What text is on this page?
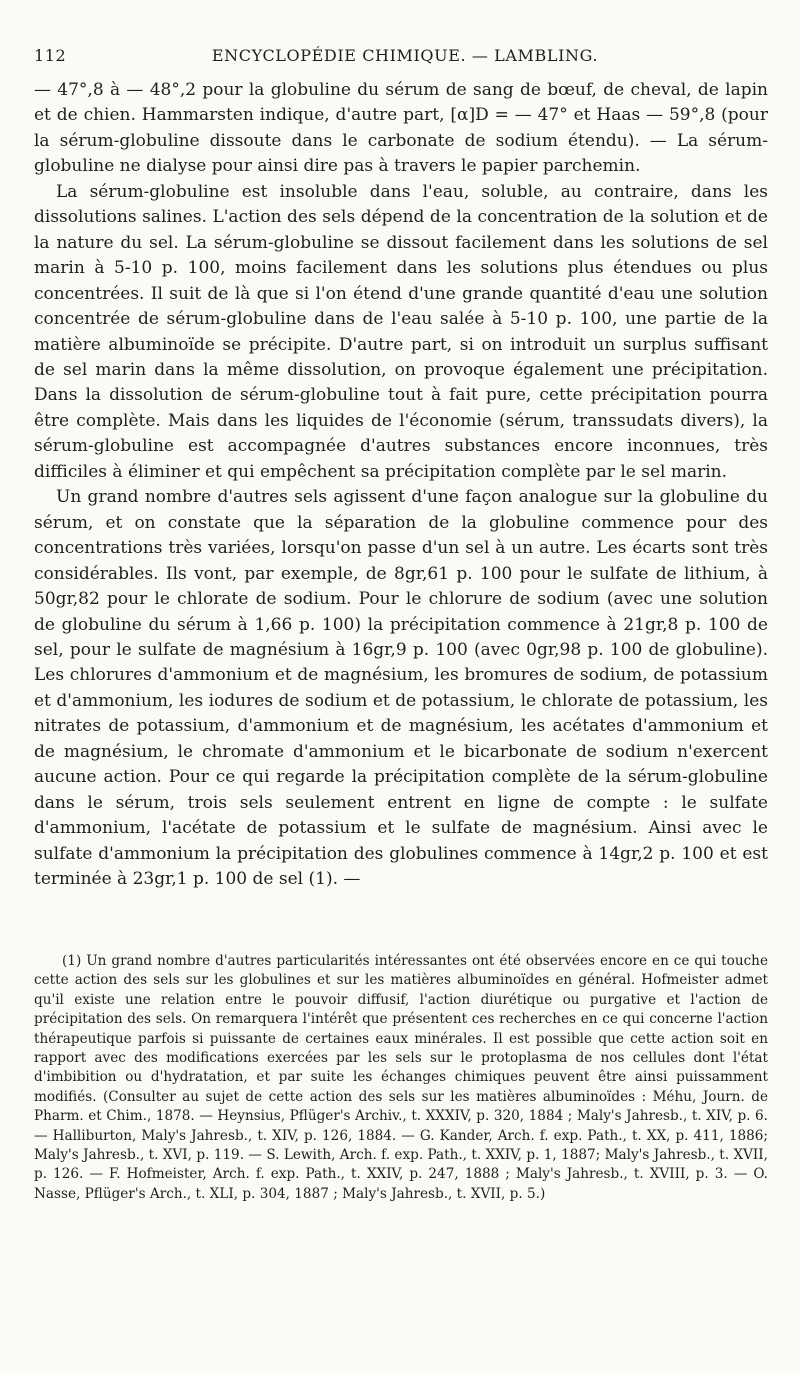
112	ENCYCLOPÉDIE CHIMIQUE. — LAMBLING.

— 47°,8 à — 48°,2 pour la globuline du sérum de sang de bœuf, de cheval, de lapin et de chien. Hammarsten indique, d'autre part, [α]D = — 47° et Haas — 59°,8 (pour la sérum-globuline dissoute dans le carbonate de sodium étendu). — La sérum-globuline ne dialyse pour ainsi dire pas à travers le papier parchemin.

La sérum-globuline est insoluble dans l'eau, soluble, au contraire, dans les dissolutions salines. L'action des sels dépend de la concentration de la solution et de la nature du sel. La sérum-globuline se dissout facilement dans les solutions de sel marin à 5-10 p. 100, moins facilement dans les solutions plus étendues ou plus concentrées. Il suit de là que si l'on étend d'une grande quantité d'eau une solution concentrée de sérum-globuline dans de l'eau salée à 5-10 p. 100, une partie de la matière albuminoïde se précipite. D'autre part, si on introduit un surplus suffisant de sel marin dans la même dissolution, on provoque également une précipitation. Dans la dissolution de sérum-globuline tout à fait pure, cette précipitation pourra être complète. Mais dans les liquides de l'économie (sérum, transsudats divers), la sérum-globuline est accompagnée d'autres substances encore inconnues, très difficiles à éliminer et qui empêchent sa précipitation complète par le sel marin.

Un grand nombre d'autres sels agissent d'une façon analogue sur la globuline du sérum, et on constate que la séparation de la globuline commence pour des concentrations très variées, lorsqu'on passe d'un sel à un autre. Les écarts sont très considérables. Ils vont, par exemple, de 8gr,61 p. 100 pour le sulfate de lithium, à 50gr,82 pour le chlorate de sodium. Pour le chlorure de sodium (avec une solution de globuline du sérum à 1,66 p. 100) la précipitation commence à 21gr,8 p. 100 de sel, pour le sulfate de magnésium à 16gr,9 p. 100 (avec 0gr,98 p. 100 de globuline). Les chlorures d'ammonium et de magnésium, les bromures de sodium, de potassium et d'ammonium, les iodures de sodium et de potassium, le chlorate de potassium, les nitrates de potassium, d'ammonium et de magnésium, les acétates d'ammonium et de magnésium, le chromate d'ammonium et le bicarbonate de sodium n'exercent aucune action. Pour ce qui regarde la précipitation complète de la sérum-globuline dans le sérum, trois sels seulement entrent en ligne de compte : le sulfate d'ammonium, l'acétate de potassium et le sulfate de magnésium. Ainsi avec le sulfate d'ammonium la précipitation des globulines commence à 14gr,2 p. 100 et est terminée à 23gr,1 p. 100 de sel (1). —

(1) Un grand nombre d'autres particularités intéressantes ont été observées encore en ce qui touche cette action des sels sur les globulines et sur les matières albuminoïdes en général. Hofmeister admet qu'il existe une relation entre le pouvoir diffusif, l'action diurétique ou purgative et l'action de précipitation des sels. On remarquera l'intérêt que présentent ces recherches en ce qui concerne l'action thérapeutique parfois si puissante de certaines eaux minérales. Il est possible que cette action soit en rapport avec des modifications exercées par les sels sur le protoplasma de nos cellules dont l'état d'imbibition ou d'hydratation, et par suite les échanges chimiques peuvent être ainsi puissamment modifiés. (Consulter au sujet de cette action des sels sur les matières albuminoïdes : Méhu, Journ. de Pharm. et Chim., 1878. — Heynsius, Pflüger's Archiv., t. XXXIV, p. 320, 1884 ; Maly's Jahresb., t. XIV, p. 6. — Halliburton, Maly's Jahresb., t. XIV, p. 126, 1884. — G. Kander, Arch. f. exp. Path., t. XX, p. 411, 1886; Maly's Jahresb., t. XVI, p. 119. — S. Lewith, Arch. f. exp. Path., t. XXIV, p. 1, 1887; Maly's Jahresb., t. XVII, p. 126. — F. Hofmeister, Arch. f. exp. Path., t. XXIV, p. 247, 1888 ; Maly's Jahresb., t. XVIII, p. 3. — O. Nasse, Pflüger's Arch., t. XLI, p. 304, 1887 ; Maly's Jahresb., t. XVII, p. 5.)
